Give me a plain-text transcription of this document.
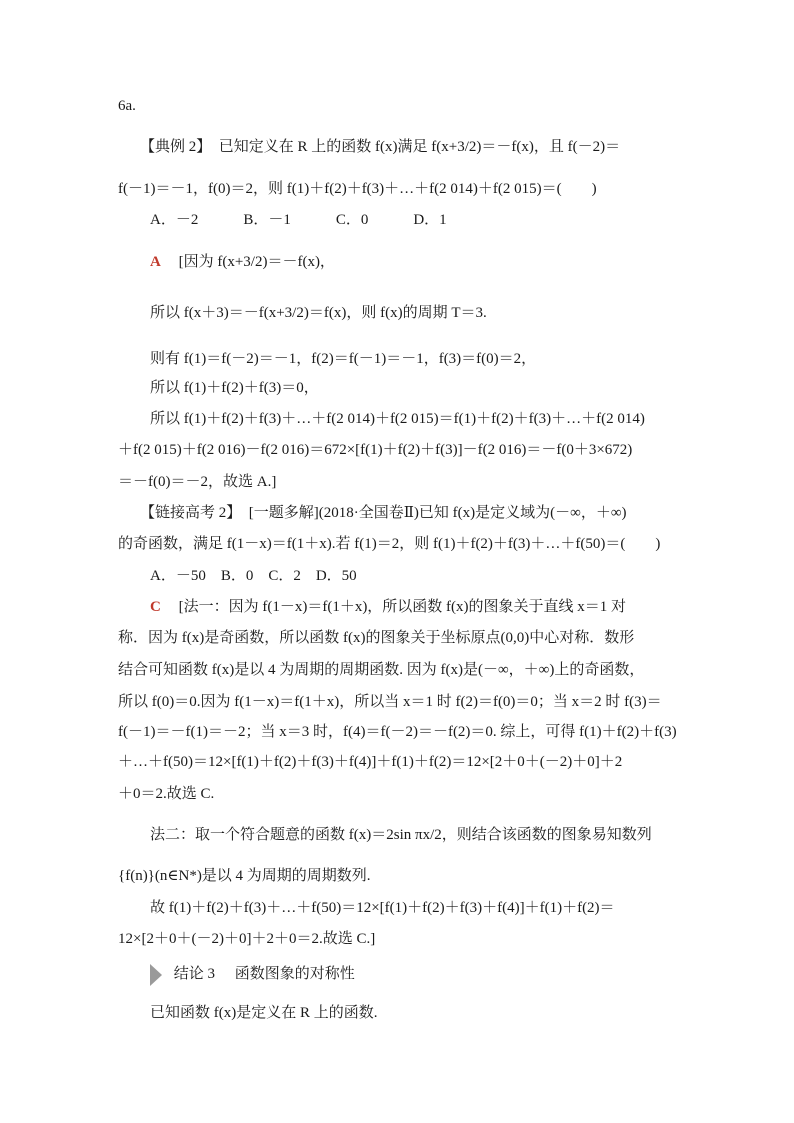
6a.
【典例 2】　已知定义在 R 上的函数 f(x)满足 f(x+3/2)＝－f(x)，且 f(－2)＝
f(－1)＝－1，f(0)＝2，则 f(1)＋f(2)＋f(3)＋…＋f(2 014)＋f(2 015)＝(　　)
A．－2　　　B．－1　　　C．0　　　D．1
A [因为 f(x+3/2)＝－f(x)，
所以 f(x＋3)＝－f(x+3/2)＝f(x)，则 f(x)的周期 T＝3.
则有 f(1)＝f(－2)＝－1，f(2)＝f(－1)＝－1，f(3)＝f(0)＝2，
所以 f(1)＋f(2)＋f(3)＝0，
所以 f(1)＋f(2)＋f(3)＋…＋f(2 014)＋f(2 015)＝f(1)＋f(2)＋f(3)＋…＋f(2 014)
＋f(2 015)＋f(2 016)－f(2 016)＝672×[f(1)＋f(2)＋f(3)]－f(2 016)＝－f(0＋3×672)
＝－f(0)＝－2，故选 A.]
【链接高考 2】　[一题多解](2018·全国卷Ⅱ)已知 f(x)是定义域为(－∞，＋∞)
的奇函数，满足 f(1－x)＝f(1＋x).若 f(1)＝2，则 f(1)＋f(2)＋f(3)＋…＋f(50)＝(　　)
A．－50　B．0　C．2　D．50
C [法一：因为 f(1－x)＝f(1＋x)，所以函数 f(x)的图象关于直线 x＝1 对
称．因为 f(x)是奇函数，所以函数 f(x)的图象关于坐标原点(0,0)中心对称．数形
结合可知函数 f(x)是以 4 为周期的周期函数. 因为 f(x)是(－∞，＋∞)上的奇函数，
所以 f(0)＝0.因为 f(1－x)＝f(1＋x)，所以当 x＝1 时 f(2)＝f(0)＝0；当 x＝2 时 f(3)＝
f(－1)＝－f(1)＝－2；当 x＝3 时，f(4)＝f(－2)＝－f(2)＝0. 综上，可得 f(1)＋f(2)＋f(3)
＋…＋f(50)＝12×[f(1)＋f(2)＋f(3)＋f(4)]＋f(1)＋f(2)＝12×[2＋0＋(－2)＋0]＋2
＋0＝2.故选 C.
法二：取一个符合题意的函数 f(x)＝2sin πx/2，则结合该函数的图象易知数列
{f(n)}(n∈N*)是以 4 为周期的周期数列.
故 f(1)＋f(2)＋f(3)＋…＋f(50)＝12×[f(1)＋f(2)＋f(3)＋f(4)]＋f(1)＋f(2)＝
12×[2＋0＋(－2)＋0]＋2＋0＝2.故选 C.]
结论 3 函数图象的对称性
已知函数 f(x)是定义在 R 上的函数.
